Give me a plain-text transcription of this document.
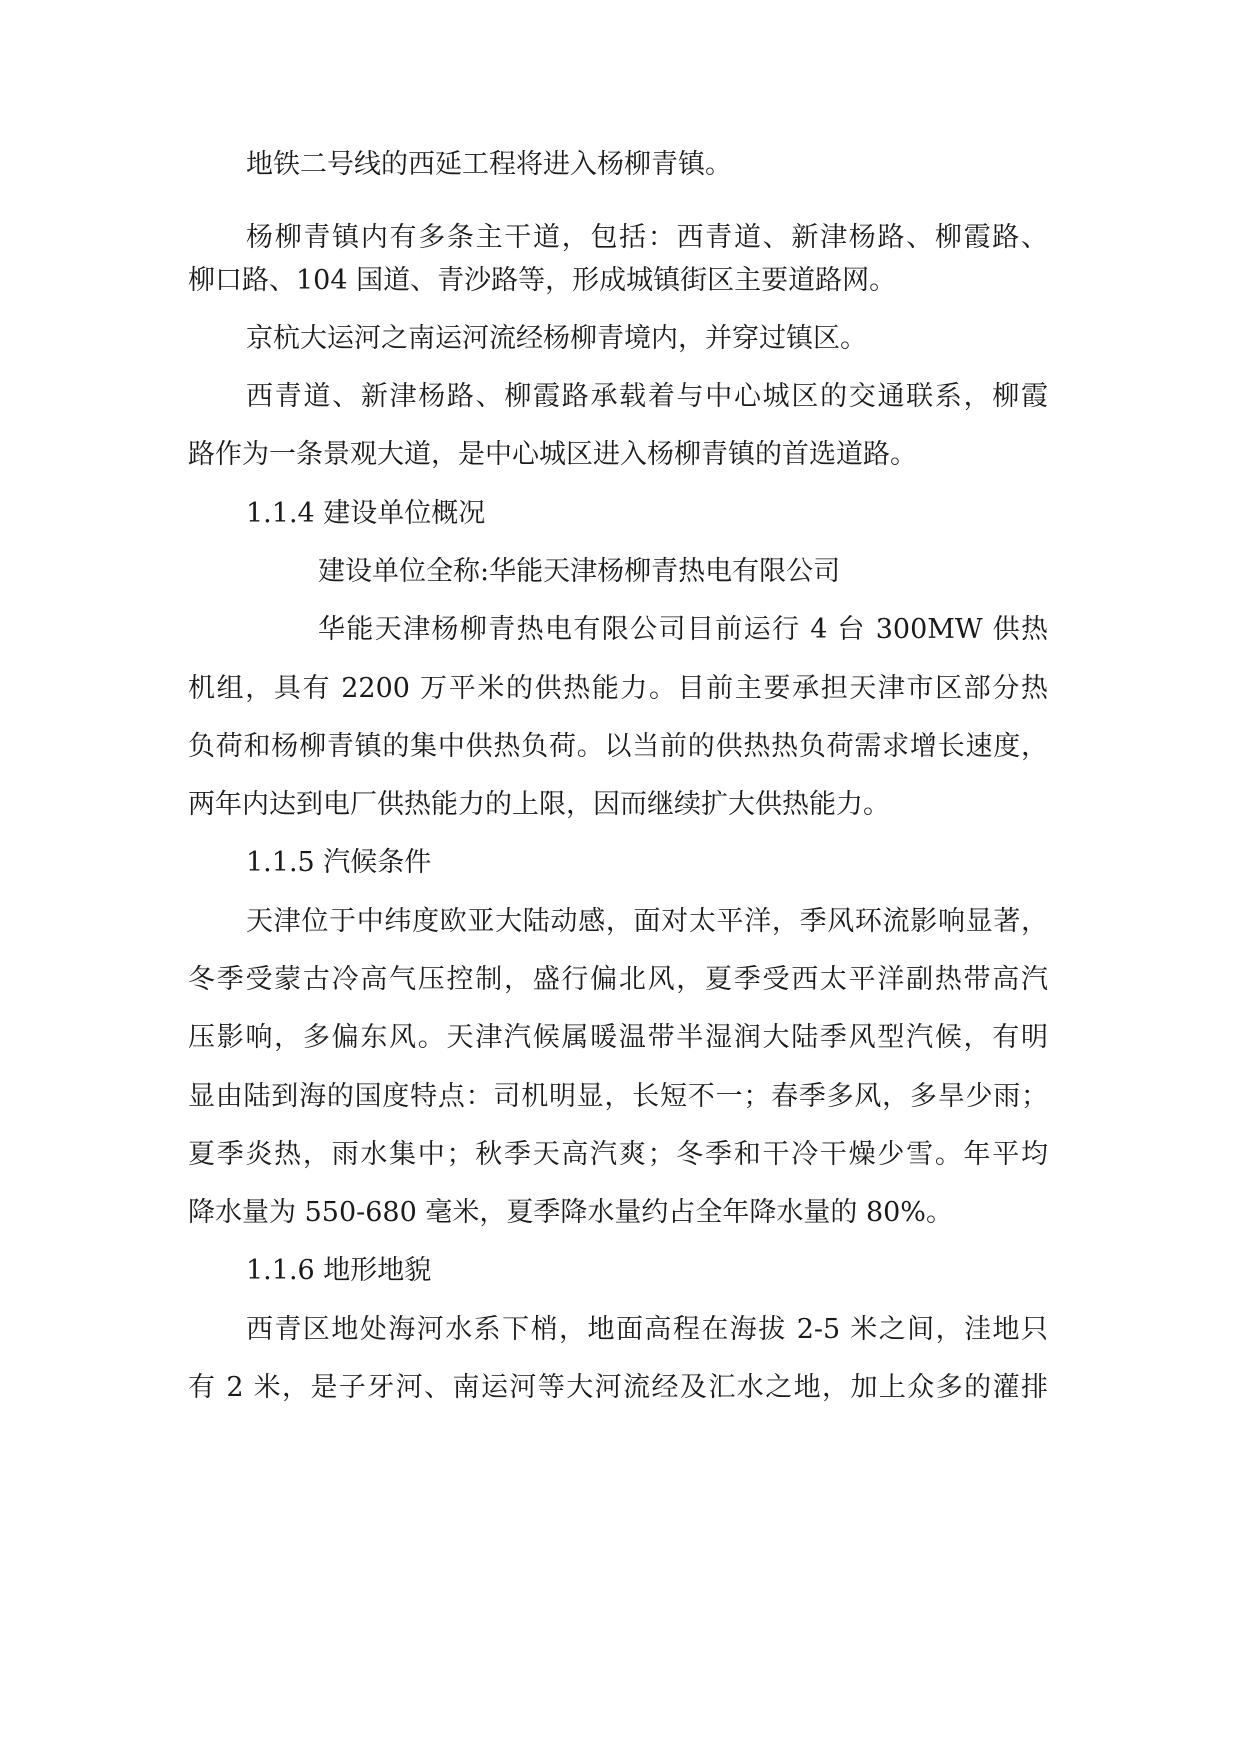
地铁二号线的西延工程将进入杨柳青镇。
杨柳青镇内有多条主干道，包括：西青道、新津杨路、柳霞路、
柳口路、104 国道、青沙路等，形成城镇街区主要道路网。
京杭大运河之南运河流经杨柳青境内，并穿过镇区。
西青道、新津杨路、柳霞路承载着与中心城区的交通联系，柳霞
路作为一条景观大道，是中心城区进入杨柳青镇的首选道路。
1.1.4 建设单位概况
建设单位全称:华能天津杨柳青热电有限公司
华能天津杨柳青热电有限公司目前运行 4 台 300MW 供热
机组，具有 2200 万平米的供热能力。目前主要承担天津市区部分热
负荷和杨柳青镇的集中供热负荷。以当前的供热热负荷需求增长速度，
两年内达到电厂供热能力的上限，因而继续扩大供热能力。
1.1.5 汽候条件
天津位于中纬度欧亚大陆动感，面对太平洋，季风环流影响显著，
冬季受蒙古冷高气压控制，盛行偏北风，夏季受西太平洋副热带高汽
压影响，多偏东风。天津汽候属暖温带半湿润大陆季风型汽候，有明
显由陆到海的国度特点：司机明显，长短不一；春季多风，多旱少雨；
夏季炎热，雨水集中；秋季天高汽爽；冬季和干冷干燥少雪。年平均
降水量为 550-680 毫米，夏季降水量约占全年降水量的 80%。
1.1.6 地形地貌
西青区地处海河水系下梢，地面高程在海拔 2-5 米之间，洼地只
有 2 米，是子牙河、南运河等大河流经及汇水之地，加上众多的灌排
